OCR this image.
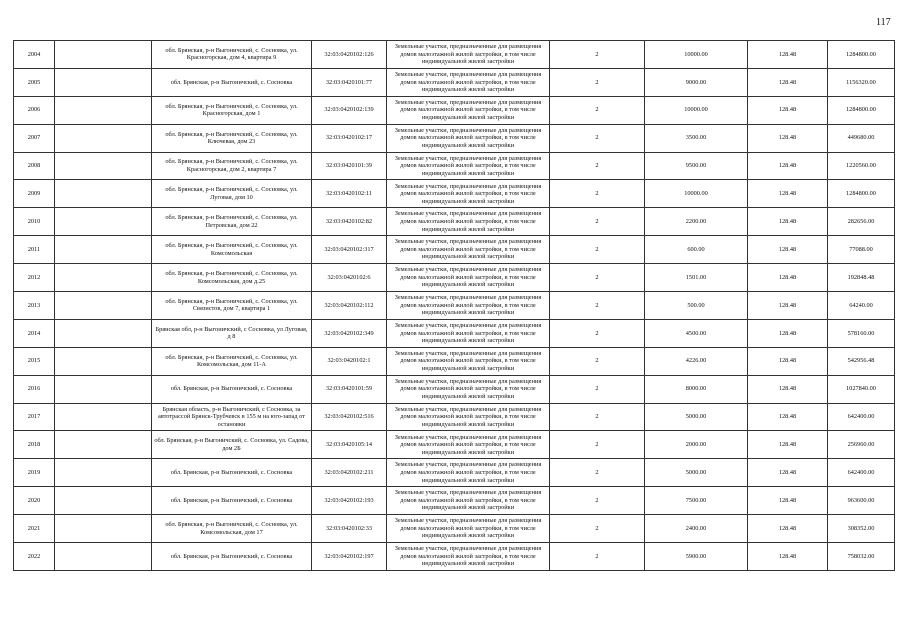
117
2004		обл. Брянская, р-н Выгоничский, с. Сосновка, ул. Красногорская, дом 4, квартира 9	32:03:0420102:126	Земельные участки, предназначенные для размещения домов малоэтажной жилой застройки, в том числе индивидуальной жилой застройки	2	10000.00	128.48	1284800.00
2005		обл. Брянская, р-н Выгоничский, с. Сосновка	32:03:0420101:77	Земельные участки, предназначенные для размещения домов малоэтажной жилой застройки, в том числе индивидуальной жилой застройки	2	9000.00	128.48	1156320.00
2006		обл. Брянская, р-н Выгоничский, с. Сосновка, ул. Красногорская, дом 1	32:03:0420102:139	Земельные участки, предназначенные для размещения домов малоэтажной жилой застройки, в том числе индивидуальной жилой застройки	2	10000.00	128.48	1284800.00
2007		обл. Брянская, р-н Выгоничский, с. Сосновка, ул. Ключевая, дом 23	32:03:0420102:17	Земельные участки, предназначенные для размещения домов малоэтажной жилой застройки, в том числе индивидуальной жилой застройки	2	3500.00	128.48	449680.00
2008		обл. Брянская, р-н Выгоничский, с. Сосновка, ул. Красногорская, дом 2, квартира 7	32:03:0420101:39	Земельные участки, предназначенные для размещения домов малоэтажной жилой застройки, в том числе индивидуальной жилой застройки	2	9500.00	128.48	1220560.00
2009		обл. Брянская, р-н Выгоничский, с. Сосновка, ул. Луговая, дом 10	32:03:0420102:11	Земельные участки, предназначенные для размещения домов малоэтажной жилой застройки, в том числе индивидуальной жилой застройки	2	10000.00	128.48	1284800.00
2010		обл. Брянская, р-н Выгоничский, с. Сосновка, ул. Петровская, дом 22	32:03:0420102:82	Земельные участки, предназначенные для размещения домов малоэтажной жилой застройки, в том числе индивидуальной жилой застройки	2	2200.00	128.48	282656.00
2011		обл. Брянская, р-н Выгоничский, с. Сосновка, ул. Комсомольская	32:03:0420102:317	Земельные участки, предназначенные для размещения домов малоэтажной жилой застройки, в том числе индивидуальной жилой застройки	2	600.00	128.48	77088.00
2012		обл. Брянская, р-н Выгоничский, с. Сосновка, ул. Комсомольская, дом д.25	32:03:0420102:6	Земельные участки, предназначенные для размещения домов малоэтажной жилой застройки, в том числе индивидуальной жилой застройки	2	1501.00	128.48	192848.48
2013		обл. Брянская, р-н Выгоничский, с. Сосновка, ул. Связистов, дом 7, квартира 1	32:03:0420102:112	Земельные участки, предназначенные для размещения домов малоэтажной жилой застройки, в том числе индивидуальной жилой застройки	2	500.00	128.48	64240.00
2014		Брянская обл, р-н Выгоничский, с Сосновка, ул Луговая, д 8	32:03:0420102:349	Земельные участки, предназначенные для размещения домов малоэтажной жилой застройки, в том числе индивидуальной жилой застройки	2	4500.00	128.48	578160.00
2015		обл. Брянская, р-н Выгоничский, с. Сосновка, ул. Комсомольская, дом 11-А	32:03:0420102:1	Земельные участки, предназначенные для размещения домов малоэтажной жилой застройки, в том числе индивидуальной жилой застройки	2	4226.00	128.48	542956.48
2016		обл. Брянская, р-н Выгоничский, с. Сосновка	32:03:0420101:59	Земельные участки, предназначенные для размещения домов малоэтажной жилой застройки, в том числе индивидуальной жилой застройки	2	8000.00	128.48	1027840.00
2017		Брянская область, р-н Выгоничский, с Сосновка, за автотрассой Брянск-Трубчевск в 155 м на юго-запад от остановки	32:03:0420102:516	Земельные участки, предназначенные для размещения домов малоэтажной жилой застройки, в том числе индивидуальной жилой застройки	2	5000.00	128.48	642400.00
2018		обл. Брянская, р-н Выгоничский, с. Сосновка, ул. Садова, дом 2Б	32:03:0420105:14	Земельные участки, предназначенные для размещения домов малоэтажной жилой застройки, в том числе индивидуальной жилой застройки	2	2000.00	128.48	256960.00
2019		обл. Брянская, р-н Выгоничский, с. Сосновка	32:03:0420102:211	Земельные участки, предназначенные для размещения домов малоэтажной жилой застройки, в том числе индивидуальной жилой застройки	2	5000.00	128.48	642400.00
2020		обл. Брянская, р-н Выгоничский, с. Сосновка	32:03:0420102:193	Земельные участки, предназначенные для размещения домов малоэтажной жилой застройки, в том числе индивидуальной жилой застройки	2	7500.00	128.48	963600.00
2021		обл. Брянская, р-н Выгоничский, с. Сосновка, ул. Комсомольская, дом 17	32:03:0420102:33	Земельные участки, предназначенные для размещения домов малоэтажной жилой застройки, в том числе индивидуальной жилой застройки	2	2400.00	128.48	308352.00
2022		обл. Брянская, р-н Выгоничский, с. Сосновка	32:03:0420102:197	Земельные участки, предназначенные для размещения домов малоэтажной жилой застройки, в том числе индивидуальной жилой застройки	2	5900.00	128.48	758032.00
